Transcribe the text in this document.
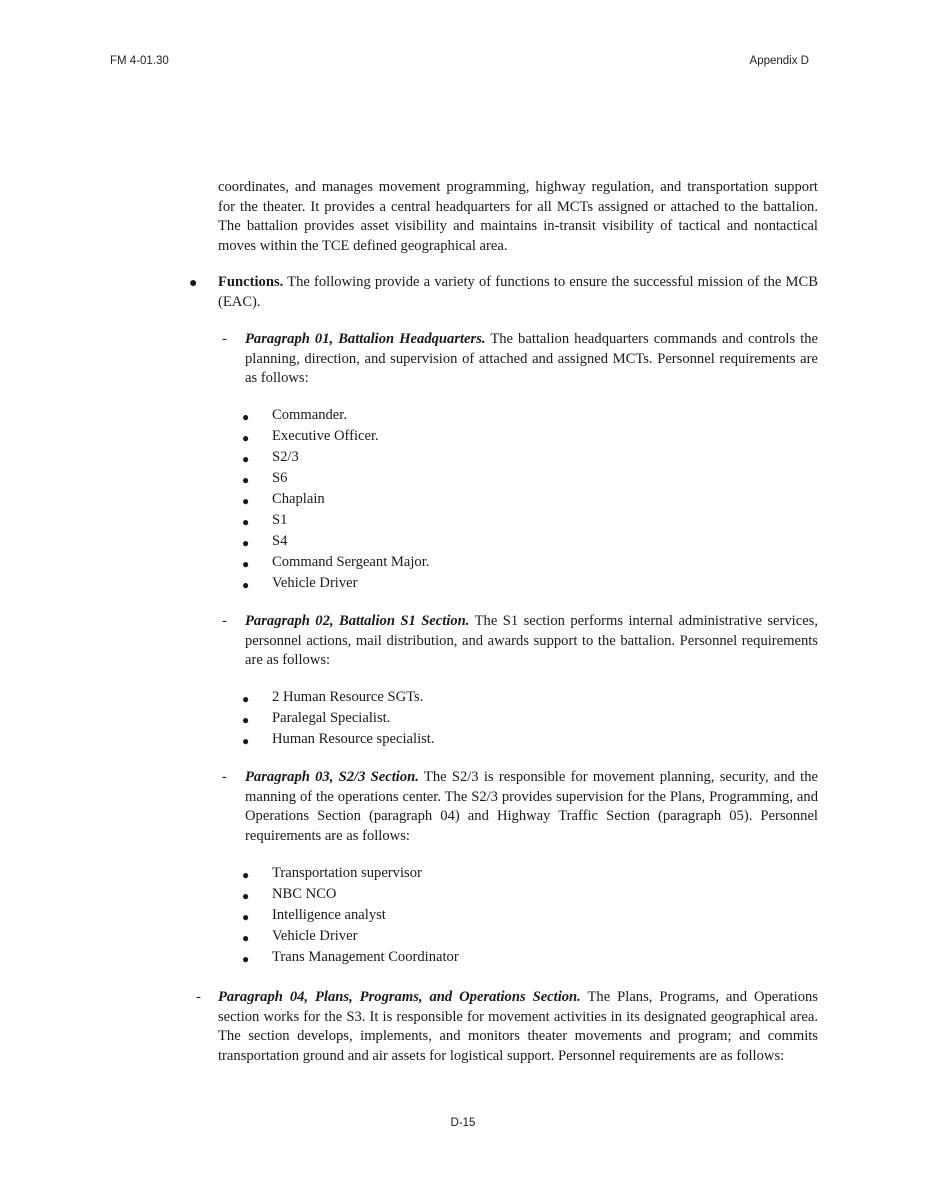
FM 4-01.30	Appendix D

coordinates, and manages movement programming, highway regulation, and transportation support for the theater. It provides a central headquarters for all MCTs assigned or attached to the battalion. The battalion provides asset visibility and maintains in-transit visibility of tactical and nontactical moves within the TCE defined geographical area.

● Functions. The following provide a variety of functions to ensure the successful mission of the MCB (EAC).

- Paragraph 01, Battalion Headquarters. The battalion headquarters commands and controls the planning, direction, and supervision of attached and assigned MCTs. Personnel requirements are as follows:

● Commander.
● Executive Officer.
● S2/3
● S6
● Chaplain
● S1
● S4
● Command Sergeant Major.
● Vehicle Driver
- Paragraph 02, Battalion S1 Section. The S1 section performs internal administrative services, personnel actions, mail distribution, and awards support to the battalion. Personnel requirements are as follows:

● 2 Human Resource SGTs.
● Paralegal Specialist.
● Human Resource specialist.
- Paragraph 03, S2/3 Section. The S2/3 is responsible for movement planning, security, and the manning of the operations center. The S2/3 provides supervision for the Plans, Programming, and Operations Section (paragraph 04) and Highway Traffic Section (paragraph 05). Personnel requirements are as follows:

● Transportation supervisor
● NBC NCO
● Intelligence analyst
● Vehicle Driver
● Trans Management Coordinator
- Paragraph 04, Plans, Programs, and Operations Section. The Plans, Programs, and Operations section works for the S3. It is responsible for movement activities in its designated geographical area. The section develops, implements, and monitors theater movements and program; and commits transportation ground and air assets for logistical support. Personnel requirements are as follows:

D-15
